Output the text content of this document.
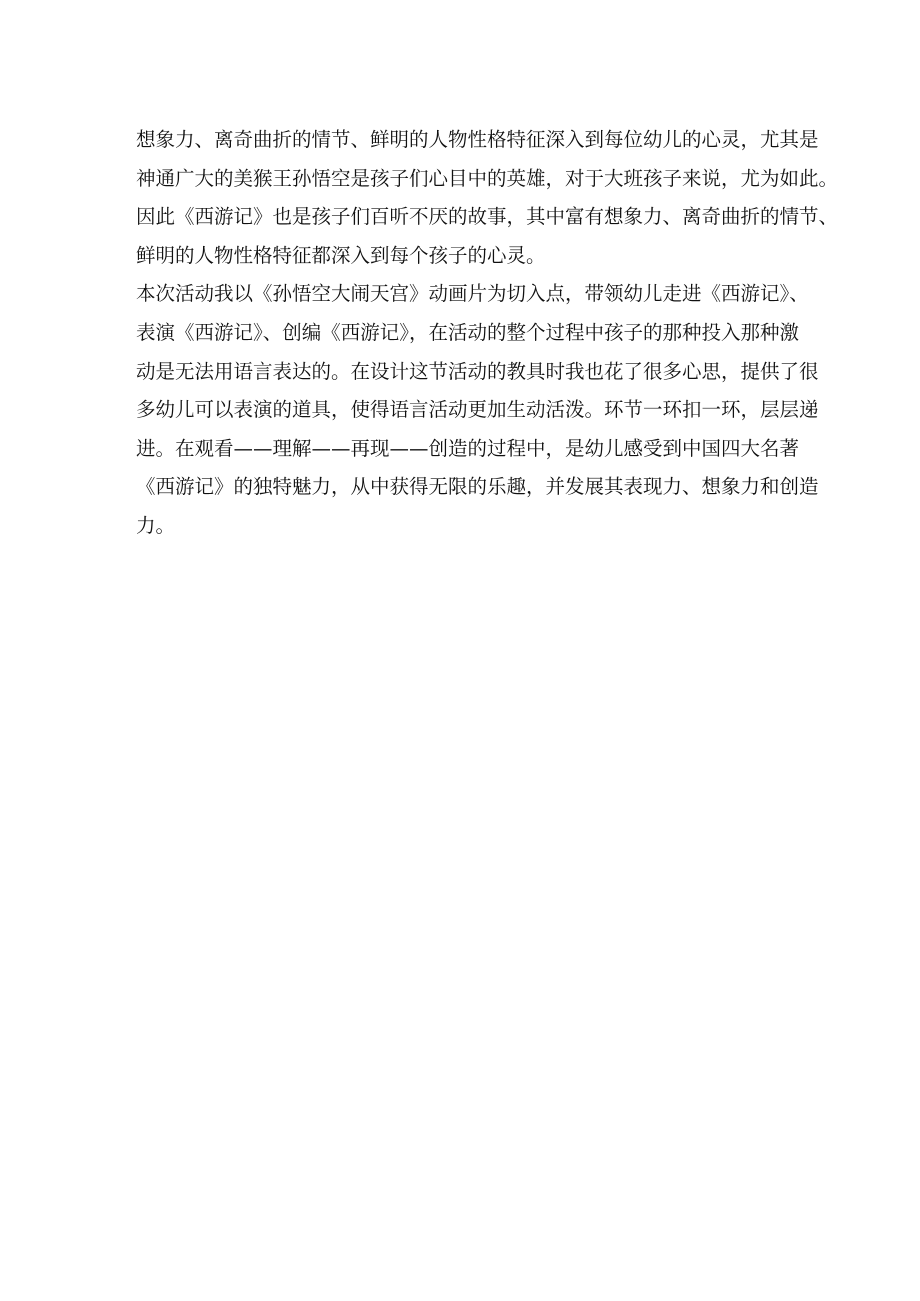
想象力、离奇曲折的情节、鲜明的人物性格特征深入到每位幼儿的心灵，尤其是
神通广大的美猴王孙悟空是孩子们心目中的英雄，对于大班孩子来说，尤为如此。
因此《西游记》也是孩子们百听不厌的故事，其中富有想象力、离奇曲折的情节、
鲜明的人物性格特征都深入到每个孩子的心灵。
本次活动我以《孙悟空大闹天宫》动画片为切入点，带领幼儿走进《西游记》、
表演《西游记》、创编《西游记》，在活动的整个过程中孩子的那种投入那种激
动是无法用语言表达的。在设计这节活动的教具时我也花了很多心思，提供了很
多幼儿可以表演的道具，使得语言活动更加生动活泼。环节一环扣一环，层层递
进。在观看——理解——再现——创造的过程中，是幼儿感受到中国四大名著
《西游记》的独特魅力，从中获得无限的乐趣，并发展其表现力、想象力和创造
力。
